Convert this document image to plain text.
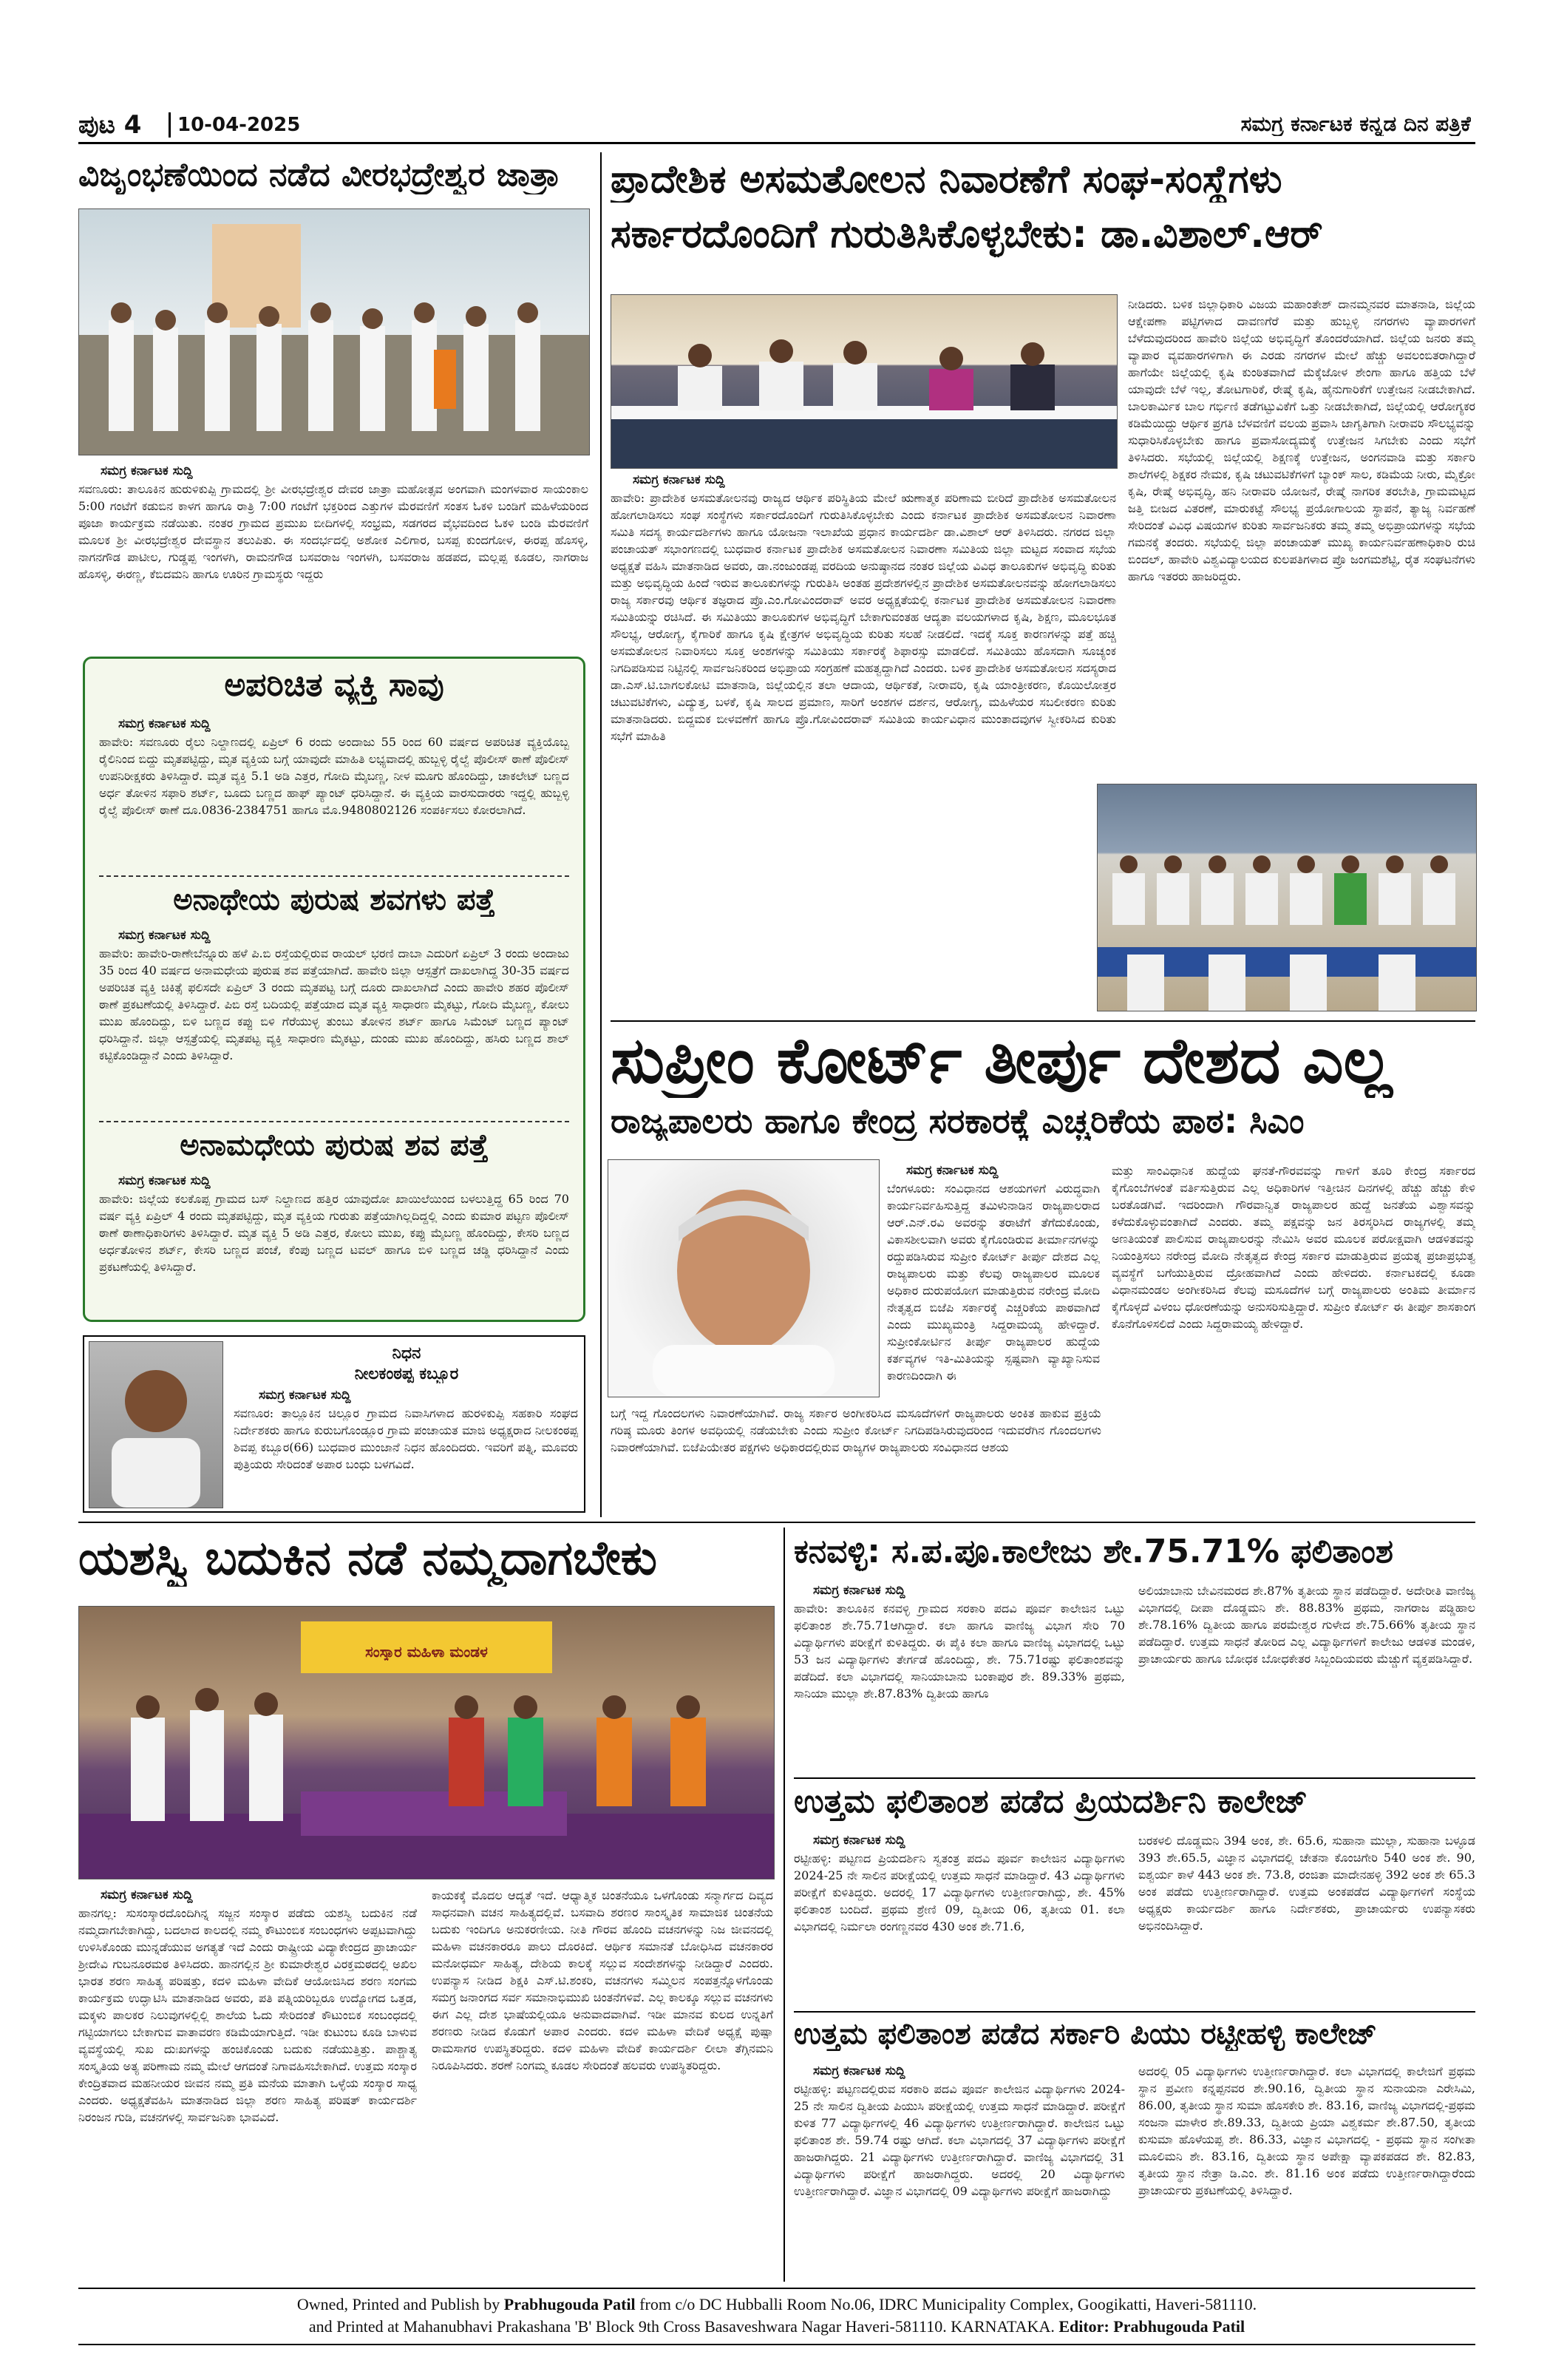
ಪುಟ 4 10-04-2025	ಸಮಗ್ರ ಕರ್ನಾಟಕ ಕನ್ನಡ ದಿನ ಪತ್ರಿಕೆ
ವಿಜೃಂಭಣೆಯಿಂದ ನಡೆದ ವೀರಭದ್ರೇಶ್ವರ ಜಾತ್ರಾ
ಸಮಗ್ರ ಕರ್ನಾಟಕ ಸುದ್ದಿ
ಸವಣೂರು: ತಾಲೂಕಿನ ಹುರುಳಿಕುಪ್ಪಿ ಗ್ರಾಮದಲ್ಲಿ ಶ್ರೀ ವೀರಭದ್ರೇಶ್ವರ ದೇವರ ಜಾತ್ರಾ ಮಹೋತ್ಸವ ಅಂಗವಾಗಿ ಮಂಗಳವಾರ ಸಾಯಂಕಾಲ 5:00 ಗಂಟೆಗೆ ಕಡುಬಿನ ಕಾಳಗ ಹಾಗೂ ರಾತ್ರಿ 7:00 ಗಂಟೆಗೆ ಭಕ್ತರಿಂದ ಎತ್ತುಗಳ ಮೆರವಣಿಗೆ ಸಂತಸ ಓಕಳಿ ಬಂಡಿಗೆ ಮಹಿಳೆಯರಿಂದ ಪೂಜಾ ಕಾರ್ಯಕ್ರಮ ನಡೆಯಿತು. ನಂತರ ಗ್ರಾಮದ ಪ್ರಮುಖ ಬೀದಿಗಳಲ್ಲಿ ಸಂಭ್ರಮ, ಸಡಗರದ ವೈಭವದಿಂದ ಓಕಳಿ ಬಂಡಿ ಮೆರವಣಿಗೆ ಮೂಲಕ ಶ್ರೀ ವೀರಭದ್ರೇಶ್ವರ ದೇವಸ್ಥಾನ ತಲುಪಿತು. ಈ ಸಂದರ್ಭದಲ್ಲಿ ಅಶೋಕ ಎಲಿಗಾರ, ಬಸಪ್ಪ ಕುಂದಗೋಳ, ಈರಪ್ಪ ಹೊಸಳ್ಳಿ, ನಾಗನಗೌಡ ಪಾಟೀಲ, ಗುಡ್ಡಪ್ಪ ಇಂಗಳಗಿ, ರಾಮನಗೌಡ ಬಸವರಾಜ ಇಂಗಳಗಿ, ಬಸವರಾಜ ಹಡಪದ, ಮಲ್ಲಪ್ಪ ಕೂಡಲ, ನಾಗರಾಜ ಹೊಸಳ್ಳಿ, ಈರಣ್ಣ, ಕೆಬಿದಮನಿ ಹಾಗೂ ಊರಿನ ಗ್ರಾಮಸ್ಥರು ಇದ್ದರು
ಅಪರಿಚಿತ ವ್ಯಕ್ತಿ ಸಾವು
ಸಮಗ್ರ ಕರ್ನಾಟಕ ಸುದ್ದಿ
ಹಾವೇರಿ: ಸವಣೂರು ರೈಲು ನಿಲ್ದಾಣದಲ್ಲಿ ಏಪ್ರಿಲ್ 6 ರಂದು ಅಂದಾಜು 55 ರಿಂದ 60 ವರ್ಷದ ಅಪರಿಚಿತ ವ್ಯಕ್ತಿಯೊಬ್ಬ ರೈಲಿನಿಂದ ಬಿದ್ದು ಮೃತಪಟ್ಟಿದ್ದು, ಮೃತ ವ್ಯಕ್ತಿಯ ಬಗ್ಗೆ ಯಾವುದೇ ಮಾಹಿತಿ ಲಭ್ಯವಾದಲ್ಲಿ ಹುಬ್ಬಳ್ಳಿ ರೈಲ್ವೆ ಪೊಲೀಸ್ ಠಾಣೆ ಪೊಲೀಸ್ ಉಪನಿರೀಕ್ಷಕರು ತಿಳಿಸಿದ್ದಾರೆ. ಮೃತ ವ್ಯಕ್ತಿ 5.1 ಅಡಿ ಎತ್ತರ, ಗೋದಿ ಮೈಬಣ್ಣ, ನೀಳ ಮೂಗು ಹೊಂದಿದ್ದು, ಚಾಕಲೇಟ್ ಬಣ್ಣದ ಅರ್ಧ ತೋಳಿನ ಸಫಾರಿ ಶರ್ಟ್, ಬೂದು ಬಣ್ಣದ ಹಾಫ್ ಪ್ಯಾಂಟ್ ಧರಿಸಿದ್ದಾನೆ. ಈ ವ್ಯಕ್ತಿಯ ವಾರಸುದಾರರು ಇದ್ದಲ್ಲಿ ಹುಬ್ಬಳ್ಳಿ ರೈಲ್ವೆ ಪೊಲೀಸ್ ಠಾಣೆ ದೂ.0836-2384751 ಹಾಗೂ ಮೊ.9480802126 ಸಂಪರ್ಕಿಸಲು ಕೋರಲಾಗಿದೆ.
ಅನಾಥೇಯ ಪುರುಷ ಶವಗಳು ಪತ್ತೆ
ಸಮಗ್ರ ಕರ್ನಾಟಕ ಸುದ್ದಿ
ಹಾವೇರಿ: ಹಾವೇರಿ-ರಾಣೇಬೆನ್ನೂರು ಹಳೆ ಪಿ.ಬಿ ರಸ್ತೆಯಲ್ಲಿರುವ ರಾಯಲ್ ಭರಣಿ ದಾಬಾ ಎದುರಿಗೆ ಏಪ್ರಿಲ್ 3 ರಂದು ಅಂದಾಜು 35 ರಿಂದ 40 ವರ್ಷದ ಅನಾಮಧೇಯ ಪುರುಷ ಶವ ಪತ್ತೆಯಾಗಿದೆ. ಹಾವೇರಿ ಜಿಲ್ಲಾ ಆಸ್ಪತ್ರೆಗೆ ದಾಖಲಾಗಿದ್ದ 30-35 ವರ್ಷದ ಅಪರಿಚಿತ ವ್ಯಕ್ತಿ ಚಿಕಿತ್ಸೆ ಫಲಿಸದೇ ಏಪ್ರಿಲ್ 3 ರಂದು ಮೃತಪಟ್ಟ ಬಗ್ಗೆ ದೂರು ದಾಖಲಾಗಿದೆ ಎಂದು ಹಾವೇರಿ ಶಹರ ಪೊಲೀಸ್ ಠಾಣೆ ಪ್ರಕಟಣೆಯಲ್ಲಿ ತಿಳಿಸಿದ್ದಾರೆ. ಪಿಬಿ ರಸ್ತೆ ಬದಿಯಲ್ಲಿ ಪತ್ತೆಯಾದ ಮೃತ ವ್ಯಕ್ತಿ ಸಾಧಾರಣ ಮೈಕಟ್ಟು, ಗೋದಿ ಮೈಬಣ್ಣ, ಕೋಲು ಮುಖ ಹೊಂದಿದ್ದು, ಬಿಳಿ ಬಣ್ಣದ ಕಪ್ಪು ಬಿಳಿ ಗೆರೆಯುಳ್ಳ ತುಂಬು ತೋಳಿನ ಶರ್ಟ್ ಹಾಗೂ ಸಿಮೆಂಟ್ ಬಣ್ಣದ ಪ್ಯಾಂಟ್ ಧರಿಸಿದ್ದಾನೆ. ಜಿಲ್ಲಾ ಆಸ್ಪತ್ರೆಯಲ್ಲಿ ಮೃತಪಟ್ಟ ವ್ಯಕ್ತಿ ಸಾಧಾರಣ ಮೈಕಟ್ಟು, ದುಂಡು ಮುಖ ಹೊಂದಿದ್ದು, ಹಸಿರು ಬಣ್ಣದ ಶಾಲ್ ಕಟ್ಟಿಕೊಂಡಿದ್ದಾನೆ ಎಂದು ತಿಳಿಸಿದ್ದಾರೆ.
ಅನಾಮಧೇಯ ಪುರುಷ ಶವ ಪತ್ತೆ
ಸಮಗ್ರ ಕರ್ನಾಟಕ ಸುದ್ದಿ
ಹಾವೇರಿ: ಜಿಲ್ಲೆಯ ಕಲಕೊಪ್ಪ ಗ್ರಾಮದ ಬಸ್ ನಿಲ್ದಾಣದ ಹತ್ತಿರ ಯಾವುದೋ ಖಾಯಿಲೆಯಿಂದ ಬಳಲುತ್ತಿದ್ದ 65 ರಿಂದ 70 ವರ್ಷ ವ್ಯಕ್ತಿ ಏಪ್ರಿಲ್ 4 ರಂದು ಮೃತಪಟ್ಟಿದ್ದು, ಮೃತ ವ್ಯಕ್ತಿಯ ಗುರುತು ಪತ್ತೆಯಾಗಿಲ್ಲದಿದ್ದಲ್ಲಿ ಎಂದು ಕುಮಾರ ಪಟ್ಟಣ ಪೊಲೀಸ್ ಠಾಣೆ ಠಾಣಾಧಿಕಾರಿಗಳು ತಿಳಿಸಿದ್ದಾರೆ. ಮೃತ ವ್ಯಕ್ತಿ 5 ಅಡಿ ಎತ್ತರ, ಕೋಲು ಮುಖ, ಕಪ್ಪು ಮೈಬಣ್ಣ ಹೊಂದಿದ್ದು, ಕೇಸರಿ ಬಣ್ಣದ ಅರ್ಧತೋಳಿನ ಶರ್ಟ್, ಕೇಸರಿ ಬಣ್ಣದ ಪಂಚೆ, ಕೆಂಪು ಬಣ್ಣದ ಟವಲ್ ಹಾಗೂ ಬಿಳಿ ಬಣ್ಣದ ಚಡ್ಡಿ ಧರಿಸಿದ್ದಾನೆ ಎಂದು ಪ್ರಕಟಣೆಯಲ್ಲಿ ತಿಳಿಸಿದ್ದಾರೆ.
ನಿಧನ
ನೀಲಕಂಠಪ್ಪ ಕಬ್ಬೂರ
ಸಮಗ್ರ ಕರ್ನಾಟಕ ಸುದ್ದಿ
ಸವಣೂರ: ತಾಲ್ಲೂಕಿನ ಚಿಲ್ಲೂರ ಗ್ರಾಮದ ನಿವಾಸಿಗಳಾದ ಹುರಳಿಕುಪ್ಪಿ ಸಹಕಾರಿ ಸಂಘದ ನಿರ್ದೇಶಕರು ಹಾಗೂ ಕುರುಬಗೊಂಡ್ಲೂರ ಗ್ರಾಮ ಪಂಚಾಯತ ಮಾಜಿ ಅಧ್ಯಕ್ಷರಾದ ನೀಲಕಂಠಪ್ಪ ಶಿವಪ್ಪ ಕಬ್ಬೂರ(66) ಬುಧವಾರ ಮುಂಜಾನೆ ನಿಧನ ಹೊಂದಿದರು. ಇವರಿಗೆ ಪತ್ನಿ, ಮೂವರು ಪುತ್ರಿಯರು ಸೇರಿದಂತೆ ಅಪಾರ ಬಂಧು ಬಳಗವಿದೆ.
ಪ್ರಾದೇಶಿಕ ಅಸಮತೋಲನ ನಿವಾರಣೆಗೆ ಸಂಘ-ಸಂಸ್ಥೆಗಳು
ಸರ್ಕಾರದೊಂದಿಗೆ ಗುರುತಿಸಿಕೊಳ್ಳಬೇಕು: ಡಾ.ವಿಶಾಲ್.ಆರ್
ಸಮಗ್ರ ಕರ್ನಾಟಕ ಸುದ್ದಿ
ಹಾವೇರಿ: ಪ್ರಾದೇಶಿಕ ಅಸಮತೋಲನವು ರಾಜ್ಯದ ಆರ್ಥಿಕ ಪರಿಸ್ಥಿತಿಯ ಮೇಲೆ ಋಣಾತ್ಮಕ ಪರಿಣಾಮ ಬೀರಿದೆ ಪ್ರಾದೇಶಿಕ ಅಸಮತೋಲನ ಹೋಗಲಾಡಿಸಲು ಸಂಘ ಸಂಸ್ಥೆಗಳು ಸರ್ಕಾರದೊಂದಿಗೆ ಗುರುತಿಸಿಕೊಳ್ಳಬೇಕು ಎಂದು ಕರ್ನಾಟಕ ಪ್ರಾದೇಶಿಕ ಅಸಮತೋಲನ ನಿವಾರಣಾ ಸಮಿತಿ ಸದಸ್ಯ ಕಾರ್ಯದರ್ಶಿಗಳು ಹಾಗೂ ಯೋಜನಾ ಇಲಾಖೆಯ ಪ್ರಧಾನ ಕಾರ್ಯದರ್ಶಿ ಡಾ.ವಿಶಾಲ್ ಆರ್ ತಿಳಿಸಿದರು. ನಗರದ ಜಿಲ್ಲಾ ಪಂಚಾಯತ್ ಸಭಾಂಗಣದಲ್ಲಿ ಬುಧವಾರ ಕರ್ನಾಟಕ ಪ್ರಾದೇಶಿಕ ಅಸಮತೋಲನ ನಿವಾರಣಾ ಸಮಿತಿಯ ಜಿಲ್ಲಾ ಮಟ್ಟದ ಸಂವಾದ ಸಭೆಯ ಅಧ್ಯಕ್ಷತೆ ವಹಿಸಿ ಮಾತನಾಡಿದ ಅವರು, ಡಾ.ನಂಜುಂಡಪ್ಪ ವರದಿಯ ಅನುಷ್ಠಾನದ ನಂತರ ಜಿಲ್ಲೆಯ ವಿವಿಧ ತಾಲೂಕುಗಳ ಅಭಿವೃದ್ಧಿ ಕುರಿತು ಮತ್ತು ಅಭಿವೃದ್ಧಿಯ ಹಿಂದೆ ಇರುವ ತಾಲೂಕುಗಳನ್ನು ಗುರುತಿಸಿ ಅಂತಹ ಪ್ರದೇಶಗಳಲ್ಲಿನ ಪ್ರಾದೇಶಿಕ ಅಸಮತೋಲನವನ್ನು ಹೋಗಲಾಡಿಸಲು ರಾಜ್ಯ ಸರ್ಕಾರವು ಆರ್ಥಿಕ ತಜ್ಞರಾದ ಪ್ರೊ.ಎಂ.ಗೋವಿಂದರಾವ್ ಅವರ ಅಧ್ಯಕ್ಷತೆಯಲ್ಲಿ ಕರ್ನಾಟಕ ಪ್ರಾದೇಶಿಕ ಅಸಮತೋಲನ ನಿವಾರಣಾ ಸಮಿತಿಯನ್ನು ರಚಿಸಿದೆ. ಈ ಸಮಿತಿಯು ತಾಲೂಕುಗಳ ಅಭಿವೃದ್ಧಿಗೆ ಬೇಕಾಗುವಂತಹ ಆದ್ಯತಾ ವಲಯಗಳಾದ ಕೃಷಿ, ಶಿಕ್ಷಣ, ಮೂಲಭೂತ ಸೌಲಭ್ಯ, ಆರೋಗ್ಯ, ಕೈಗಾರಿಕೆ ಹಾಗೂ ಕೃಷಿ ಕ್ಷೇತ್ರಗಳ ಅಭಿವೃದ್ಧಿಯ ಕುರಿತು ಸಲಹೆ ನೀಡಲಿದೆ. ಇದಕ್ಕೆ ಸೂಕ್ತ ಕಾರಣಗಳನ್ನು ಪತ್ತೆ ಹಚ್ಚಿ ಅಸಮತೋಲನ ನಿವಾರಿಸಲು ಸೂಕ್ತ ಅಂಶಗಳನ್ನು ಸಮಿತಿಯು ಸರ್ಕಾರಕ್ಕೆ ಶಿಫಾರಸ್ಸು ಮಾಡಲಿದೆ. ಸಮಿತಿಯು ಹೊಸದಾಗಿ ಸೂಚ್ಯಂಕ ನಿಗದಿಪಡಿಸುವ ನಿಟ್ಟಿನಲ್ಲಿ ಸಾರ್ವಜನಿಕರಿಂದ ಅಭಿಪ್ರಾಯ ಸಂಗ್ರಹಣೆ ಮಹತ್ವದ್ದಾಗಿದೆ ಎಂದರು. ಬಳಿಕ ಪ್ರಾದೇಶಿಕ ಅಸಮತೋಲನ ಸದಸ್ಯರಾದ ಡಾ.ಎಸ್.ಟಿ.ಬಾಗಲಕೋಟಿ ಮಾತನಾಡಿ, ಜಿಲ್ಲೆಯಲ್ಲಿನ ತಲಾ ಆದಾಯ, ಆರ್ಥಿಕತೆ, ನೀರಾವರಿ, ಕೃಷಿ ಯಾಂತ್ರೀಕರಣ, ಕೊಯಿಲೋತ್ತರ ಚಟುವಟಿಕೆಗಳು, ವಿದ್ಯುತ್ತ, ಬಳಕೆ, ಕೃಷಿ ಸಾಲದ ಪ್ರಮಾಣ, ಸಾರಿಗೆ ಅಂಶಗಳ ದರ್ಶನ, ಆರೋಗ್ಯ, ಮಹಿಳೆಯರ ಸಬಲೀಕರಣ ಕುರಿತು ಮಾತನಾಡಿದರು. ಬಿದ್ದಮಕ ಬೀಳವಣೆಗೆ ಹಾಗೂ ಪ್ರೊ.ಗೋವಿಂದರಾವ್ ಸಮಿತಿಯ ಕಾರ್ಯವಿಧಾನ ಮುಂತಾದವುಗಳ ಸ್ವೀಕರಿಸಿದ ಕುರಿತು ಸಭೆಗೆ ಮಾಹಿತಿ
ನೀಡಿದರು. ಬಳಿಕ ಜಿಲ್ಲಾಧಿಕಾರಿ ವಿಜಯ ಮಹಾಂತೇಶ್ ದಾನಮ್ಮನವರ ಮಾತನಾಡಿ, ಜಿಲ್ಲೆಯ ಆಕ್ಷೇಪಣಾ ಪಟ್ಟಿಗಳಾದ ದಾವಣಗೆರೆ ಮತ್ತು ಹುಬ್ಬಳ್ಳಿ ನಗರಗಳು ವ್ಯಾಪಾರಗಳಿಗೆ ಬೆಳೆದುವುದರಿಂದ ಹಾವೇರಿ ಜಿಲ್ಲೆಯ ಅಭಿವೃದ್ಧಿಗೆ ತೊಂದರೆಯಾಗಿದೆ. ಜಿಲ್ಲೆಯ ಜನರು ತಮ್ಮ ವ್ಯಾಪಾರ ವ್ಯವಹಾರಗಳಿಗಾಗಿ ಈ ಎರಡು ನಗರಗಳ ಮೇಲೆ ಹೆಚ್ಚು ಅವಲಂಬಿತರಾಗಿದ್ದಾರೆ ಹಾಗೆಯೇ ಜಿಲ್ಲೆಯಲ್ಲಿ ಕೃಷಿ ಕುಂಠಿತವಾಗಿದೆ ಮೆಕ್ಕೆಜೋಳ ಶೇಂಗಾ ಹಾಗೂ ಹತ್ತಿಯ ಬೆಳೆ ಯಾವುದೇ ಬೆಳೆ ಇಲ್ಲ, ತೋಟಗಾರಿಕೆ, ರೇಷ್ಮೆ ಕೃಷಿ, ಹೈನುಗಾರಿಕೆಗೆ ಉತ್ತೇಜನ ನೀಡಬೇಕಾಗಿದೆ. ಬಾಲಕಾರ್ಮಿಕ ಬಾಲ ಗರ್ಭಿಣಿ ತಡೆಗಟ್ಟುವಿಕೆಗೆ ಒತ್ತು ನೀಡಬೇಕಾಗಿದೆ, ಜಿಲ್ಲೆಯಲ್ಲಿ ಆರೋಗ್ಯಕರ ಕಡಿಮೆಯಿದ್ದು ಆರ್ಥಿಕ ಪ್ರಗತಿ ಬೆಳವಣಿಗೆ ವಲಯ ಪ್ರವಾಸಿ ಜಾಗೃತಿಗಾಗಿ ನೀರಾವರಿ ಸೌಲಭ್ಯವನ್ನು ಸುಧಾರಿಸಿಕೊಳ್ಳಬೇಕು ಹಾಗೂ ಪ್ರವಾಸೋದ್ಯಮಕ್ಕೆ ಉತ್ತೇಜನ ಸಿಗಬೇಕು ಎಂದು ಸಭೆಗೆ ತಿಳಿಸಿದರು. ಸಭೆಯಲ್ಲಿ ಜಿಲ್ಲೆಯಲ್ಲಿ ಶಿಕ್ಷಣಕ್ಕೆ ಉತ್ತೇಜನ, ಅಂಗನವಾಡಿ ಮತ್ತು ಸರ್ಕಾರಿ ಶಾಲೆಗಳಲ್ಲಿ ಶಿಕ್ಷಕರ ನೇಮಕ, ಕೃಷಿ ಚಟುವಟಿಕೆಗಳಿಗೆ ಬ್ಯಾಂಕ್ ಸಾಲ, ಕಡಿಮೆಯ ನೀರು, ಮೈಕ್ರೋ ಕೃಷಿ, ರೇಷ್ಮೆ ಅಭಿವೃದ್ಧಿ, ಹನಿ ನೀರಾವರಿ ಯೋಜನೆ, ರೇಷ್ಮೆ ನಾಗರಿಕ ತರಬೇತಿ, ಗ್ರಾಮಮಟ್ಟದ ಜತ್ತಿ ಬೀಜದ ವಿತರಣೆ, ಮಾರುಕಟ್ಟೆ ಸೌಲಭ್ಯ ಪ್ರಯೋಗಾಲಯ ಸ್ಥಾಪನೆ, ತ್ಯಾಜ್ಯ ನಿರ್ವಹಣೆ ಸೇರಿದಂತೆ ವಿವಿಧ ವಿಷಯಗಳ ಕುರಿತು ಸಾರ್ವಜನಿಕರು ತಮ್ಮ ತಮ್ಮ ಅಭಿಪ್ರಾಯಗಳನ್ನು ಸಭೆಯ ಗಮನಕ್ಕೆ ತಂದರು. ಸಭೆಯಲ್ಲಿ ಜಿಲ್ಲಾ ಪಂಚಾಯತ್ ಮುಖ್ಯ ಕಾರ್ಯನಿರ್ವಹಣಾಧಿಕಾರಿ ರುಚಿ ಬಿಂದಲ್, ಹಾವೇರಿ ವಿಶ್ವವಿದ್ಯಾಲಯದ ಕುಲಪತಿಗಳಾದ ಪ್ರೊ ಜಂಗಮಶೆಟ್ಟಿ, ರೈತ ಸಂಘಟನೆಗಳು ಹಾಗೂ ಇತರರು ಹಾಜರಿದ್ದರು.
ಸುಪ್ರೀಂ ಕೋರ್ಟ್ ತೀರ್ಪು ದೇಶದ ಎಲ್ಲ
ರಾಜ್ಯಪಾಲರು ಹಾಗೂ ಕೇಂದ್ರ ಸರಕಾರಕ್ಕೆ ಎಚ್ಚರಿಕೆಯ ಪಾಠ: ಸಿಎಂ
ಸಮಗ್ರ ಕರ್ನಾಟಕ ಸುದ್ದಿ
ಬೆಂಗಳೂರು: ಸಂವಿಧಾನದ ಆಶಯಗಳಿಗೆ ವಿರುದ್ಧವಾಗಿ ಕಾರ್ಯನಿರ್ವಹಿಸುತ್ತಿದ್ದ ತಮಿಳುನಾಡಿನ ರಾಜ್ಯಪಾಲರಾದ ಆರ್.ಎನ್.ರವಿ ಅವರನ್ನು ತರಾಟೆಗೆ ತೆಗೆದುಕೊಂಡು, ವಿಕಾಸಶೀಲವಾಗಿ ಅವರು ಕೈಗೊಂಡಿರುವ ತೀರ್ಮಾನಗಳನ್ನು ರದ್ದುಪಡಿಸಿರುವ ಸುಪ್ರೀಂ ಕೋರ್ಟ್ ತೀರ್ಪು ದೇಶದ ಎಲ್ಲ ರಾಜ್ಯಪಾಲರು ಮತ್ತು ಕೆಲವು ರಾಜ್ಯಪಾಲರ ಮೂಲಕ ಅಧಿಕಾರ ದುರುಪಯೋಗ ಮಾಡುತ್ತಿರುವ ನರೇಂದ್ರ ಮೋದಿ ನೇತೃತ್ವದ ಬಿಜೆಪಿ ಸರ್ಕಾರಕ್ಕೆ ಎಚ್ಚರಿಕೆಯ ಪಾಠವಾಗಿದೆ ಎಂದು ಮುಖ್ಯಮಂತ್ರಿ ಸಿದ್ದರಾಮಯ್ಯ ಹೇಳಿದ್ದಾರೆ. ಸುಪ್ರೀಂಕೋರ್ಟಿನ ತೀರ್ಪು ರಾಜ್ಯಪಾಲರ ಹುದ್ದೆಯ ಕರ್ತವ್ಯಗಳ ಇತಿ-ಮಿತಿಯನ್ನು ಸ್ಪಷ್ಟವಾಗಿ ವ್ಯಾಖ್ಯಾನಿಸುವ ಕಾರಣದಿಂದಾಗಿ ಈ
ಮತ್ತು ಸಾಂವಿಧಾನಿಕ ಹುದ್ದೆಯ ಘನತೆ-ಗೌರವವನ್ನು ಗಾಳಿಗೆ ತೂರಿ ಕೇಂದ್ರ ಸರ್ಕಾರದ ಕೈಗೊಂಬೆಗಳಂತೆ ವರ್ತಿಸುತ್ತಿರುವ ಎಲ್ಲ ಅಧಿಕಾರಿಗಳ ಇತ್ತೀಚಿನ ದಿನಗಳಲ್ಲಿ ಹೆಚ್ಚು ಹೆಚ್ಚು ಕೇಳಿ ಬರತೊಡಗಿವೆ. ಇದರಿಂದಾಗಿ ಗೌರವಾನ್ವಿತ ರಾಜ್ಯಪಾಲರ ಹುದ್ದೆ ಜನತೆಯ ವಿಶ್ವಾಸವನ್ನು ಕಳೆದುಕೊಳ್ಳುವಂತಾಗಿದೆ ಎಂದರು. ತಮ್ಮ ಪಕ್ಷವನ್ನು ಜನ ತಿರಸ್ಕರಿಸಿದ ರಾಜ್ಯಗಳಲ್ಲಿ ತಮ್ಮ ಅಣತಿಯಂತೆ ಪಾಲಿಸುವ ರಾಜ್ಯಪಾಲರನ್ನು ನೇಮಿಸಿ ಅವರ ಮೂಲಕ ಪರೋಕ್ಷವಾಗಿ ಆಡಳಿತವನ್ನು ನಿಯಂತ್ರಿಸಲು ನರೇಂದ್ರ ಮೋದಿ ನೇತೃತ್ವದ ಕೇಂದ್ರ ಸರ್ಕಾರ ಮಾಡುತ್ತಿರುವ ಪ್ರಯತ್ನ ಪ್ರಜಾಪ್ರಭುತ್ವ ವ್ಯವಸ್ಥೆಗೆ ಬಗೆಯುತ್ತಿರುವ ದ್ರೋಹವಾಗಿದೆ ಎಂದು ಹೇಳಿದರು. ಕರ್ನಾಟಕದಲ್ಲಿ ಕೂಡಾ ವಿಧಾನಮಂಡಲ ಅಂಗೀಕರಿಸಿದ ಕೆಲವು ಮಸೂದೆಗಳ ಬಗ್ಗೆ ರಾಜ್ಯಪಾಲರು ಅಂತಿಮ ತೀರ್ಮಾನ ಕೈಗೊಳ್ಳದೆ ವಿಳಂಬ ಧೋರಣೆಯನ್ನು ಅನುಸರಿಸುತ್ತಿದ್ದಾರೆ. ಸುಪ್ರೀಂ ಕೋರ್ಟ್ ಈ ತೀರ್ಪು ಶಾಸಕಾಂಗ ಕೊನೆಗೊಳಿಸಲಿದೆ ಎಂದು ಸಿದ್ದರಾಮಯ್ಯ ಹೇಳಿದ್ದಾರೆ.
ಬಗ್ಗೆ ಇದ್ದ ಗೊಂದಲಗಳು ನಿವಾರಣೆಯಾಗಿವೆ. ರಾಜ್ಯ ಸರ್ಕಾರ ಅಂಗೀಕರಿಸಿದ ಮಸೂದೆಗಳಿಗೆ ರಾಜ್ಯಪಾಲರು ಅಂಕಿತ ಹಾಕುವ ಪ್ರಕ್ರಿಯೆ ಗರಿಷ್ಠ ಮೂರು ತಿಂಗಳ ಅವಧಿಯಲ್ಲಿ ನಡೆಯಬೇಕು ಎಂದು ಸುಪ್ರೀಂ ಕೋರ್ಟ್ ನಿಗದಿಪಡಿಸಿರುವುದರಿಂದ ಇದುವರೆಗಿನ ಗೊಂದಲಗಳು ನಿವಾರಣೆಯಾಗಿವೆ. ಬಿಜೆಪಿಯೇತರ ಪಕ್ಷಗಳು ಅಧಿಕಾರದಲ್ಲಿರುವ ರಾಜ್ಯಗಳ ರಾಜ್ಯಪಾಲರು ಸಂವಿಧಾನದ ಆಶಯ
ಯಶಸ್ವಿ ಬದುಕಿನ ನಡೆ ನಮ್ಮದಾಗಬೇಕು
ಸಂಸ್ಕಾರ ಮಹಿಳಾ ಮಂಡಳ
ಸಮಗ್ರ ಕರ್ನಾಟಕ ಸುದ್ದಿ
ಹಾನಗಲ್ಲ: ಸುಸಂಸ್ಕಾರದೊಂದಿಗಿನ್ನ ಸಜ್ಜನ ಸಂಸ್ಕಾರ ಪಡೆದು ಯಶಸ್ವಿ ಬದುಕಿನ ನಡೆ ನಮ್ಮದಾಗಬೇಕಾಗಿದ್ದು, ಬದಲಾದ ಕಾಲದಲ್ಲಿ ನಮ್ಮ ಕೌಟುಂಬಿಕ ಸಂಬಂಧಗಳು ಅಪ್ಪಟವಾಗಿದ್ದು ಉಳಿಸಿಕೊಂಡು ಮುನ್ನಡೆಯುವ ಅಗತ್ಯತೆ ಇದೆ ಎಂದು ರಾಷ್ಟ್ರೀಯ ವಿದ್ಯಾಕೇಂದ್ರದ ಪ್ರಾಚಾರ್ಯ ಶ್ರೀದೇವಿ ಗುಬನೂರಮಠ ತಿಳಿಸಿದರು. ಹಾನಗಲ್ಲಿನ ಶ್ರೀ ಕುಮಾರೇಶ್ವರ ವಿರಕ್ತಮಠದಲ್ಲಿ ಅಖಿಲ ಭಾರತ ಶರಣ ಸಾಹಿತ್ಯ ಪರಿಷತ್ತು, ಕದಳಿ ಮಹಿಳಾ ವೇದಿಕೆ ಆಯೋಜಿಸಿದ ಶರಣ ಸಂಗಮ ಕಾರ್ಯಕ್ರಮ ಉದ್ಘಾಟಿಸಿ ಮಾತನಾಡಿದ ಅವರು, ಪತಿ ಪತ್ನಿಯರಿಬ್ಬರೂ ಉದ್ಯೋಗದ ಒತ್ತಡ, ಮಕ್ಕಳು ಪಾಲಕರ ನಿಲುವುಗಳಲ್ಲಿಲ್ಲಿ ಶಾಲೆಯ ಓದು ಸೇರಿದಂತೆ ಕೌಟುಂಬಿಕ ಸಂಬಂಧದಲ್ಲಿ ಗಟ್ಟಿಯಾಗಲು ಬೇಕಾಗುವ ವಾತಾವರಣ ಕಡಿಮೆಯಾಗುತ್ತಿದೆ. ಇಡೀ ಕುಟುಂಬ ಕೂಡಿ ಬಾಳುವ ವ್ಯವಸ್ಥೆಯಲ್ಲಿ ಸುಖ ದುಃಖಗಳನ್ನು ಹಂಚಿಕೊಂಡು ಬದುಕು ನಡೆಯುತ್ತಿತ್ತು. ಪಾಶ್ಚಾತ್ಯ ಸಂಸ್ಕೃತಿಯ ಅತ್ಯ ಪರಿಣಾಮ ನಮ್ಮ ಮೇಲೆ ಆಗದಂತೆ ನಿಗಾವಹಿಸಬೇಕಾಗಿದೆ. ಉತ್ತಮ ಸಂಸ್ಕಾರ ಕೇಂದ್ರಿತವಾದ ಮಹನೀಯರ ಜೀವನ ನಮ್ಮ ಪ್ರತಿ ಮನೆಯ ಮಾತಾಗಿ ಒಳ್ಳೆಯ ಸಂಸ್ಕಾರ ಸಾಧ್ಯ ಎಂದರು. ಅಧ್ಯಕ್ಷತೆವಹಿಸಿ ಮಾತನಾಡಿದ ಜಿಲ್ಲಾ ಶರಣ ಸಾಹಿತ್ಯ ಪರಿಷತ್ ಕಾರ್ಯದರ್ಶಿ ನಿರಂಜನ ಗುಡಿ, ವಚನಗಳಲ್ಲಿ ಸಾರ್ವಜನಿಕಾ ಭಾವವಿದೆ.
ಕಾಯಕಕ್ಕೆ ಮೊದಲ ಆದ್ಯತೆ ಇದೆ. ಆಧ್ಯಾತ್ಮಿಕ ಚಿಂತನೆಯೂ ಒಳಗೊಂಡು ಸನ್ಮಾರ್ಗದ ದಿವ್ಯದ ಸಾಧನವಾಗಿ ವಚನ ಸಾಹಿತ್ಯದಲ್ಲಿವೆ. ಬಸವಾದಿ ಶರಣರ ಸಾಂಸ್ಕೃತಿಕ ಸಾಮಾಜಿಕ ಚಿಂತನೆಯ ಬದುಕು ಇಂದಿಗೂ ಅನುಕರಣೀಯ. ನೀತಿ ಗೌರವ ಹೊಂದಿ ವಚನಗಳನ್ನು ನಿಜ ಜೀವನದಲ್ಲಿ ಮಹಿಳಾ ವಚನಕಾರರೂ ಪಾಲು ದೊರಕಿದೆ. ಆರ್ಥಿಕ ಸಮಾನತೆ ಬೋಧಿಸಿದ ವಚನಕಾರರ ಮನೋಧರ್ಮ ಸಾಹಿತ್ಯ, ದೇಶಿಯ ಕಾಲಕ್ಕೆ ಸಲ್ಲುವ ಸಂದೇಶಗಳನ್ನು ನೀಡಿದ್ದಾರೆ ಎಂದರು. ಉಪನ್ಯಾಸ ನೀಡಿದ ಶಿಕ್ಷಕಿ ಎಸ್.ಟಿ.ಶಂಕರಿ, ವಚನಗಳು ಸಮ್ಮಿಲನ ಸಂಪತ್ತನ್ನೊಳಗೊಂಡು ಸಮಗ್ರ ಜನಾಂಗದ ಸರ್ವ ಸಮಾನಾಭಿಮುಖಿ ಚಿಂತನೆಗಳಿವೆ. ಎಲ್ಲ ಕಾಲಕ್ಕೂ ಸಲ್ಲುವ ವಚನಗಳು ಈಗ ಎಲ್ಲ ದೇಶ ಭಾಷೆಯಲ್ಲಿಯೂ ಅನುವಾದವಾಗಿವೆ. ಇಡೀ ಮಾನವ ಕುಲದ ಉನ್ನತಿಗೆ ಶರಣರು ನೀಡಿದ ಕೊಡುಗೆ ಅಪಾರ ಎಂದರು. ಕದಳಿ ಮಹಿಳಾ ವೇದಿಕೆ ಅಧ್ಯಕ್ಷೆ ಪುಷ್ಪಾ ರಾಮಸಾಗರ ಉಪಸ್ಥಿತರಿದ್ದರು. ಕದಳಿ ಮಹಿಳಾ ವೇದಿಕೆ ಕಾರ್ಯದರ್ಶಿ ಲೀಲಾ ತೆಗ್ಗಿನಮನಿ ನಿರೂಪಿಸಿದರು. ಶರಣೆ ನಿಂಗಮ್ಮ ಕೂಡಲ ಸೇರಿದಂತೆ ಹಲವರು ಉಪಸ್ಥಿತರಿದ್ದರು.
ಕನವಳ್ಳಿ: ಸ.ಪ.ಪೂ.ಕಾಲೇಜು ಶೇ.75.71% ಫಲಿತಾಂಶ
ಸಮಗ್ರ ಕರ್ನಾಟಕ ಸುದ್ದಿ
ಹಾವೇರಿ: ತಾಲೂಕಿನ ಕನವಳ್ಳಿ ಗ್ರಾಮದ ಸರಕಾರಿ ಪದವಿ ಪೂರ್ವ ಕಾಲೇಜಿನ ಒಟ್ಟು ಫಲಿತಾಂಶ ಶೇ.75.71ಆಗಿದ್ದಾರೆ. ಕಲಾ ಹಾಗೂ ವಾಣಿಜ್ಯ ವಿಭಾಗ ಸೇರಿ 70 ವಿದ್ಯಾರ್ಥಿಗಳು ಪರೀಕ್ಷೆಗೆ ಕುಳಿತಿದ್ದರು. ಈ ಪೈಕಿ ಕಲಾ ಹಾಗೂ ವಾಣಿಜ್ಯ ವಿಭಾಗದಲ್ಲಿ ಒಟ್ಟು 53 ಜನ ವಿದ್ಯಾರ್ಥಿಗಳು ತೇರ್ಗಡೆ ಹೊಂದಿದ್ದು, ಶೇ. 75.71ರಷ್ಟು ಫಲಿತಾಂಶವನ್ನು ಪಡೆದಿದೆ. ಕಲಾ ವಿಭಾಗದಲ್ಲಿ ಸಾನಿಯಾಬಾನು ಬಂಕಾಪುರ ಶೇ. 89.33% ಪ್ರಥಮ, ಸಾನಿಯಾ ಮುಲ್ಲಾ ಶೇ.87.83% ದ್ವಿತೀಯ ಹಾಗೂ
ಅಲಿಯಾಬಾನು ಬೇವಿನಮರದ ಶೇ.87% ತೃತೀಯ ಸ್ಥಾನ ಪಡೆದಿದ್ದಾರೆ. ಅದೇರೀತಿ ವಾಣಿಜ್ಯ ವಿಭಾಗದಲ್ಲಿ ದೀಪಾ ದೊಡ್ಡಮನಿ ಶೇ. 88.83% ಪ್ರಥಮ, ನಾಗರಾಜ ಪಡ್ಡಿಹಾಲ ಶೇ.78.16% ದ್ವಿತೀಯ ಹಾಗೂ ಪರಮೇಶ್ವರ ಗುಳೇದ ಶೇ.75.66% ತೃತೀಯ ಸ್ಥಾನ ಪಡೆದಿದ್ದಾರೆ. ಉತ್ತಮ ಸಾಧನೆ ತೋರಿದ ಎಲ್ಲ ವಿದ್ಯಾರ್ಥಿಗಳಿಗೆ ಕಾಲೇಜು ಆಡಳಿತ ಮಂಡಳಿ, ಪ್ರಾಚಾರ್ಯರು ಹಾಗೂ ಬೋಧಕ ಬೋಧಕೇತರ ಸಿಬ್ಬಂದಿಯವರು ಮೆಚ್ಚುಗೆ ವ್ಯಕ್ತಪಡಿಸಿದ್ದಾರೆ.
ಉತ್ತಮ ಫಲಿತಾಂಶ ಪಡೆದ ಪ್ರಿಯದರ್ಶಿನಿ ಕಾಲೇಜ್
ಸಮಗ್ರ ಕರ್ನಾಟಕ ಸುದ್ದಿ
ರಟ್ಟೀಹಳ್ಳಿ: ಪಟ್ಟಣದ ಪ್ರಿಯದರ್ಶಿನಿ ಸ್ವತಂತ್ರ ಪದವಿ ಪೂರ್ವ ಕಾಲೇಜಿನ ವಿದ್ಯಾರ್ಥಿಗಳು 2024-25 ನೇ ಸಾಲಿನ ಪರೀಕ್ಷೆಯಲ್ಲಿ ಉತ್ತಮ ಸಾಧನೆ ಮಾಡಿದ್ದಾರೆ. 43 ವಿದ್ಯಾರ್ಥಿಗಳು ಪರೀಕ್ಷೆಗೆ ಕುಳಿತಿದ್ದರು. ಅದರಲ್ಲಿ 17 ವಿದ್ಯಾರ್ಥಿಗಳು ಉತ್ತೀರ್ಣರಾಗಿದ್ದು, ಶೇ. 45% ಫಲಿತಾಂಶ ಬಂದಿದೆ. ಪ್ರಥಮ ಶ್ರೇಣಿ 09, ದ್ವಿತೀಯ 06, ತೃತೀಯ 01. ಕಲಾ ವಿಭಾಗದಲ್ಲಿ ನಿರ್ಮಲಾ ರಂಗಣ್ಣನವರ 430 ಅಂಕ ಶೇ.71.6,
ಬರಕಳಲಿ ದೊಡ್ಡಮನಿ 394 ಅಂಕ, ಶೇ. 65.6, ಸುಹಾನಾ ಮುಲ್ಲಾ, ಸುಹಾನಾ ಬಳ್ಳೂಡ 393 ಶೇ.65.5, ವಿಜ್ಞಾನ ವಿಭಾಗದಲ್ಲಿ ಚೇತನಾ ಕೊಂಚಿಗೇರಿ 540 ಅಂಕ ಶೇ. 90, ಐಶ್ವರ್ಯ ಕಾಳೆ 443 ಅಂಕ ಶೇ. 73.8, ರಂಜಿತಾ ಮಾದೇನಹಳ್ಳಿ 392 ಅಂಕ ಶೇ 65.3 ಅಂಕ ಪಡೆದು ಉತ್ತೀರ್ಣರಾಗಿದ್ದಾರೆ. ಉತ್ತಮ ಅಂಕಪಡೆದ ವಿದ್ಯಾರ್ಥಿಗಳಿಗೆ ಸಂಸ್ಥೆಯ ಅಧ್ಯಕ್ಷರು ಕಾರ್ಯದರ್ಶಿ ಹಾಗೂ ನಿರ್ದೇಶಕರು, ಪ್ರಾಚಾರ್ಯರು ಉಪನ್ಯಾಸಕರು ಅಭಿನಂದಿಸಿದ್ದಾರೆ.
ಉತ್ತಮ ಫಲಿತಾಂಶ ಪಡೆದ ಸರ್ಕಾರಿ ಪಿಯು ರಟ್ಟೀಹಳ್ಳಿ ಕಾಲೇಜ್
ಸಮಗ್ರ ಕರ್ನಾಟಕ ಸುದ್ದಿ
ರಟ್ಟೀಹಳ್ಳಿ: ಪಟ್ಟಣದಲ್ಲಿರುವ ಸರಕಾರಿ ಪದವಿ ಪೂರ್ವ ಕಾಲೇಜಿನ ವಿದ್ಯಾರ್ಥಿಗಳು 2024-25 ನೇ ಸಾಲಿನ ದ್ವಿತೀಯ ಪಿಯುಸಿ ಪರೀಕ್ಷೆಯಲ್ಲಿ ಉತ್ತಮ ಸಾಧನೆ ಮಾಡಿದ್ದಾರೆ. ಪರೀಕ್ಷೆಗೆ ಕುಳಿತ 77 ವಿದ್ಯಾರ್ಥಿಗಳಲ್ಲಿ 46 ವಿದ್ಯಾರ್ಥಿಗಳು ಉತ್ತೀರ್ಣರಾಗಿದ್ದಾರೆ. ಕಾಲೇಜಿನ ಒಟ್ಟು ಫಲಿತಾಂಶ ಶೇ. 59.74 ರಷ್ಟು ಆಗಿದೆ. ಕಲಾ ವಿಭಾಗದಲ್ಲಿ 37 ವಿದ್ಯಾರ್ಥಿಗಳು ಪರೀಕ್ಷೆಗೆ ಹಾಜರಾಗಿದ್ದರು. 21 ವಿದ್ಯಾರ್ಥಿಗಳು ಉತ್ತೀರ್ಣರಾಗಿದ್ದಾರೆ. ವಾಣಿಜ್ಯ ವಿಭಾಗದಲ್ಲಿ 31 ವಿದ್ಯಾರ್ಥಿಗಳು ಪರೀಕ್ಷೆಗೆ ಹಾಜರಾಗಿದ್ದರು. ಅದರಲ್ಲಿ 20 ವಿದ್ಯಾರ್ಥಿಗಳು ಉತ್ತೀರ್ಣರಾಗಿದ್ದಾರೆ. ವಿಜ್ಞಾನ ವಿಭಾಗದಲ್ಲಿ 09 ವಿದ್ಯಾರ್ಥಿಗಳು ಪರೀಕ್ಷೆಗೆ ಹಾಜರಾಗಿದ್ದು
ಅದರಲ್ಲಿ 05 ವಿದ್ಯಾರ್ಥಿಗಳು ಉತ್ತೀರ್ಣರಾಗಿದ್ದಾರೆ. ಕಲಾ ವಿಭಾಗದಲ್ಲಿ ಕಾಲೇಜಿಗೆ ಪ್ರಥಮ ಸ್ಥಾನ ಪ್ರವೀಣ ಕನ್ನಪ್ಪನವರ ಶೇ.90.16, ದ್ವಿತೀಯ ಸ್ಥಾನ ಸುನಾಯನಾ ಎರೇಸಿಮಿ, 86.00, ತೃತೀಯ ಸ್ಥಾನ ಸುಮಾ ಹೊಸಕೇರಿ ಶೇ. 83.16, ವಾಣಿಜ್ಯ ವಿಭಾಗದಲ್ಲಿ-ಪ್ರಥಮ ಸಂಜನಾ ಮಾಳೇರ ಶೇ.89.33, ದ್ವಿತೀಯ ಪ್ರಿಯಾ ವಿಶ್ವಕರ್ಮ ಶೇ.87.50, ತೃತೀಯ ಕುಸುಮಾ ಹೊಳೆಯಪ್ಪ ಶೇ. 86.33, ವಿಜ್ಞಾನ ವಿಭಾಗದಲ್ಲಿ - ಪ್ರಥಮ ಸ್ಥಾನ ಸಂಗೀತಾ ಮೂಲಿಮನಿ ಶೇ. 83.16, ದ್ವಿತೀಯ ಸ್ಥಾನ ಅಪೇಕ್ಷಾ ವ್ಯಾಪಕಪಡದ ಶೇ. 82.83, ತೃತೀಯ ಸ್ಥಾನ ನೇತ್ರಾ ಡಿ.ಎಂ. ಶೇ. 81.16 ಅಂಕ ಪಡೆದು ಉತ್ತೀರ್ಣರಾಗಿದ್ದಾರೆಂದು ಪ್ರಾಚಾರ್ಯರು ಪ್ರಕಟಣೆಯಲ್ಲಿ ತಿಳಿಸಿದ್ದಾರೆ.
Owned, Printed and Publish by Prabhugouda Patil from c/o DC Hubballi Room No.06, IDRC Municipality Complex, Googikatti, Haveri-581110.
and Printed at Mahanubhavi Prakashana 'B' Block 9th Cross Basaveshwara Nagar Haveri-581110. KARNATAKA. Editor: Prabhugouda Patil
